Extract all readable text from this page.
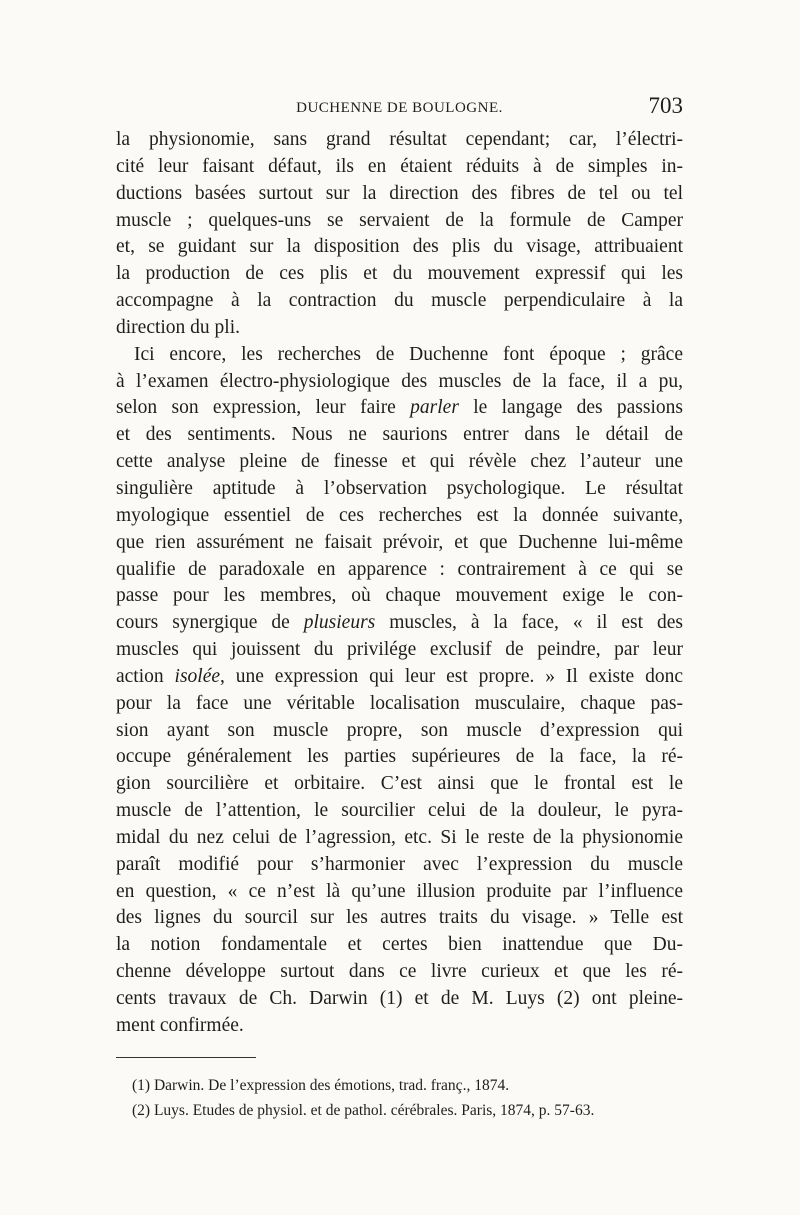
DUCHENNE DE BOULOGNE.	703
la physionomie, sans grand résultat cependant; car, l’électri-
cité leur faisant défaut, ils en étaient réduits à de simples in-
ductions basées surtout sur la direction des fibres de tel ou tel
muscle ; quelques-uns se servaient de la formule de Camper
et, se guidant sur la disposition des plis du visage, attribuaient
la production de ces plis et du mouvement expressif qui les
accompagne à la contraction du muscle perpendiculaire à la
direction du pli.
Ici encore, les recherches de Duchenne font époque ; grâce
à l’examen électro-physiologique des muscles de la face, il a pu,
selon son expression, leur faire parler le langage des passions
et des sentiments. Nous ne saurions entrer dans le détail de
cette analyse pleine de finesse et qui révèle chez l’auteur une
singulière aptitude à l’observation psychologique. Le résultat
myologique essentiel de ces recherches est la donnée suivante,
que rien assurément ne faisait prévoir, et que Duchenne lui-même
qualifie de paradoxale en apparence : contrairement à ce qui se
passe pour les membres, où chaque mouvement exige le con-
cours synergique de plusieurs muscles, à la face, « il est des
muscles qui jouissent du privilége exclusif de peindre, par leur
action isolée, une expression qui leur est propre. » Il existe donc
pour la face une véritable localisation musculaire, chaque pas-
sion ayant son muscle propre, son muscle d’expression qui
occupe généralement les parties supérieures de la face, la ré-
gion sourcilière et orbitaire. C’est ainsi que le frontal est le
muscle de l’attention, le sourcilier celui de la douleur, le pyra-
midal du nez celui de l’agression, etc. Si le reste de la physionomie
paraît modifié pour s’harmonier avec l’expression du muscle
en question, « ce n’est là qu’une illusion produite par l’influence
des lignes du sourcil sur les autres traits du visage. » Telle est
la notion fondamentale et certes bien inattendue que Du-
chenne développe surtout dans ce livre curieux et que les ré-
cents travaux de Ch. Darwin (1) et de M. Luys (2) ont pleine-
ment confirmée.
(1) Darwin. De l’expression des émotions, trad. franç., 1874.
(2) Luys. Etudes de physiol. et de pathol. cérébrales. Paris, 1874, p. 57-63.
